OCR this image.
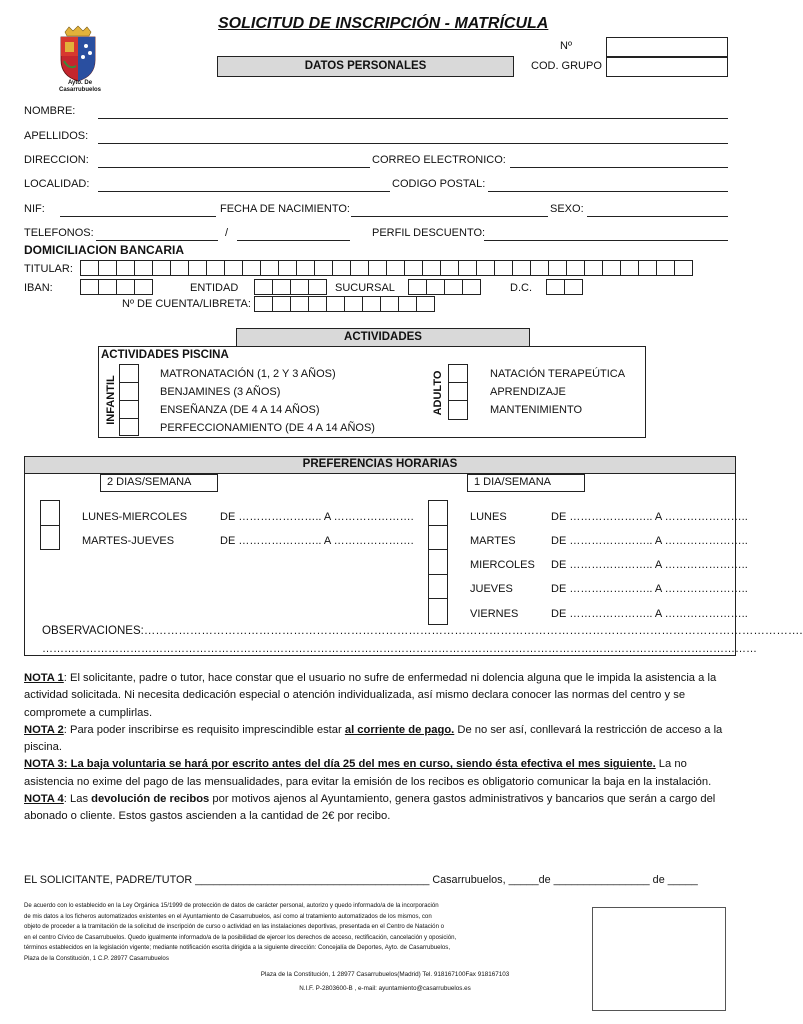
Ayto. De Casarrubuelos
SOLICITUD DE INSCRIPCIÓN - MATRÍCULA
Nº
DATOS PERSONALES	COD. GRUPO
NOMBRE:
APELLIDOS:
DIRECCION:	CORREO ELECTRONICO:
LOCALIDAD:	CODIGO POSTAL:
NIF:	FECHA DE NACIMIENTO:	SEXO:
TELEFONOS:	/	PERFIL DESCUENTO:
DOMICILIACION BANCARIA
TITULAR:
IBAN:	ENTIDAD	SUCURSAL	D.C.
Nº DE CUENTA/LIBRETA:
ACTIVIDADES
ACTIVIDADES PISCINA
INFANTIL
MATRONATACIÓN (1, 2 Y 3 AÑOS)
BENJAMINES (3 AÑOS)
ENSEÑANZA (DE 4 A 14 AÑOS)
PERFECCIONAMIENTO (DE 4 A 14 AÑOS)
ADULTO	NATACIÓN TERAPEÚTICA
APRENDIZAJE
MANTENIMIENTO
PREFERENCIAS HORARIAS
2 DIAS/SEMANA	1 DIA/SEMANA
LUNES-MIERCOLES	DE ………………….. A ………………….
MARTES-JUEVES	DE ………………….. A ………………….
LUNES	DE ………………….. A …………………..
MARTES	DE ………………….. A …………………..
MIERCOLES DE ………………….. A …………………..
JUEVES	DE ………………….. A …………………..
VIERNES	DE ………………….. A …………………..
OBSERVACIONES:……………………………………………………………………………………………………………………………………………………….
……………………………………………………………………………………………………………………………………………………………………………

NOTA 1: El solicitante, padre o tutor, hace constar que el usuario no sufre de enfermedad ni dolencia alguna que le impida la asistencia a la actividad solicitada. Ni necesita dedicación especial o atención individualizada, así mismo declara conocer las normas del centro y se compromete a cumplirlas.

NOTA 2: Para poder inscribirse es requisito imprescindible estar al corriente de pago. De no ser así, conllevará la restricción de acceso a la piscina.

NOTA 3: La baja voluntaria se hará por escrito antes del día 25 del mes en curso, siendo ésta efectiva el mes siguiente. La no asistencia no exime del pago de las mensualidades, para evitar la emisión de los recibos es obligatorio comunicar la baja en la instalación.

NOTA 4: Las devolución de recibos por motivos ajenos al Ayuntamiento, genera gastos administrativos y bancarios que serán a cargo del abonado o cliente. Estos gastos ascienden a la cantidad de 2€ por recibo.

EL SOLICITANTE, PADRE/TUTOR _______________________________________ Casarrubuelos, _____de ________________ de _____
De acuerdo con lo establecido en la Ley Orgánica 15/1999 de protección de datos de carácter personal, autorizo y quedo informado/a de la incorporación
de mis datos a los ficheros automatizados existentes en el Ayuntamiento de Casarrubuelos, así como al tratamiento automatizados de los mismos, con
objeto de proceder a la tramitación de la solicitud de inscripción de curso o actividad en las instalaciones deportivas, presentada en el Centro de Natación o
en el centro Cívico de Casarrubuelos. Quedo igualmente informado/a de la posibilidad de ejercer los derechos de acceso, rectificación, cancelación y oposición,
términos establecidos en la legislación vigente; mediante notificación escrita dirigida a la siguiente dirección: Concejalía de Deportes, Ayto. de Casarrubuelos,
Plaza de la Constitución, 1 C.P. 28977 Casarrubuelos
Plaza de la Constitución, 1 28977 Casarrubuelos(Madrid) Tel. 918167100Fax 918167103
N.I.F. P-2803600-B , e-mail: ayuntamiento@casarrubuelos.es
